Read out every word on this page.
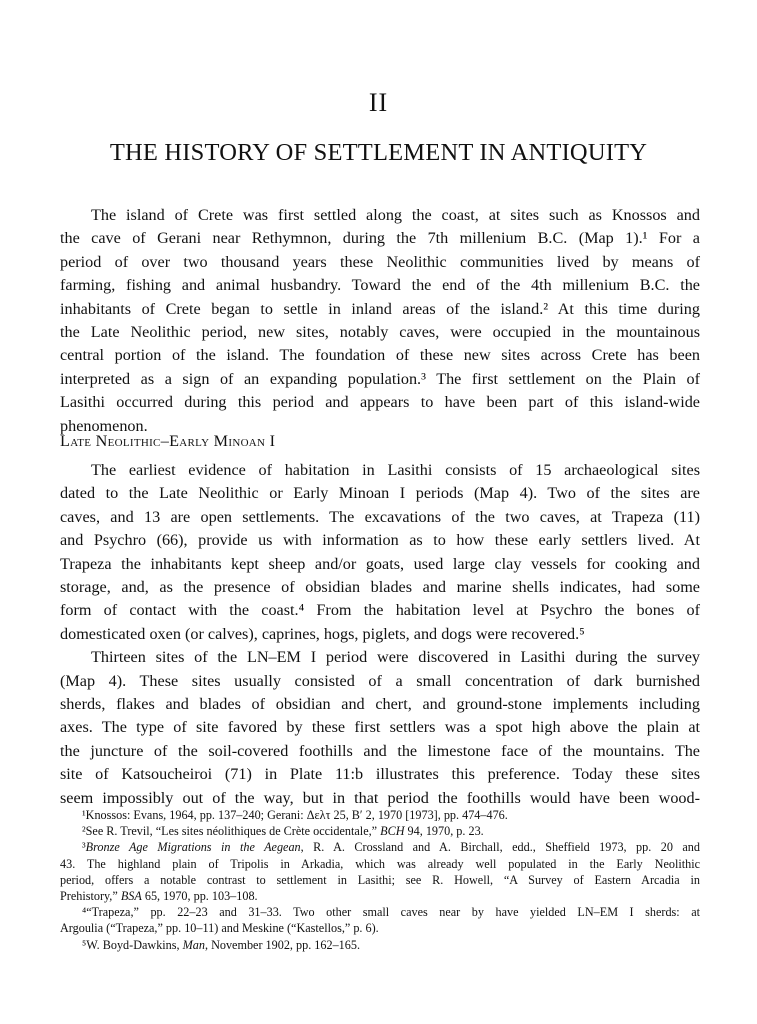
II
THE HISTORY OF SETTLEMENT IN ANTIQUITY
The island of Crete was first settled along the coast, at sites such as Knossos and
the cave of Gerani near Rethymnon, during the 7th millenium B.C. (Map 1).¹ For a
period of over two thousand years these Neolithic communities lived by means of
farming, fishing and animal husbandry. Toward the end of the 4th millenium B.C. the
inhabitants of Crete began to settle in inland areas of the island.² At this time during
the Late Neolithic period, new sites, notably caves, were occupied in the mountainous
central portion of the island. The foundation of these new sites across Crete has been
interpreted as a sign of an expanding population.³ The first settlement on the Plain of
Lasithi occurred during this period and appears to have been part of this island-wide
phenomenon.
Late Neolithic–Early Minoan I
The earliest evidence of habitation in Lasithi consists of 15 archaeological sites
dated to the Late Neolithic or Early Minoan I periods (Map 4). Two of the sites are
caves, and 13 are open settlements. The excavations of the two caves, at Trapeza (11)
and Psychro (66), provide us with information as to how these early settlers lived. At
Trapeza the inhabitants kept sheep and/or goats, used large clay vessels for cooking and
storage, and, as the presence of obsidian blades and marine shells indicates, had some
form of contact with the coast.⁴ From the habitation level at Psychro the bones of
domesticated oxen (or calves), caprines, hogs, piglets, and dogs were recovered.⁵
Thirteen sites of the LN–EM I period were discovered in Lasithi during the survey
(Map 4). These sites usually consisted of a small concentration of dark burnished
sherds, flakes and blades of obsidian and chert, and ground-stone implements including
axes. The type of site favored by these first settlers was a spot high above the plain at
the juncture of the soil-covered foothills and the limestone face of the mountains. The
site of Katsoucheiroi (71) in Plate 11:b illustrates this preference. Today these sites
seem impossibly out of the way, but in that period the foothills would have been wood-
¹Knossos: Evans, 1964, pp. 137–240; Gerani: Δελτ 25, B′ 2, 1970 [1973], pp. 474–476.
²See R. Trevil, “Les sites néolithiques de Crète occidentale,” BCH 94, 1970, p. 23.
³Bronze Age Migrations in the Aegean, R. A. Crossland and A. Birchall, edd., Sheffield 1973, pp. 20 and
43. The highland plain of Tripolis in Arkadia, which was already well populated in the Early Neolithic
period, offers a notable contrast to settlement in Lasithi; see R. Howell, “A Survey of Eastern Arcadia in
Prehistory,” BSA 65, 1970, pp. 103–108.
⁴“Trapeza,” pp. 22–23 and 31–33. Two other small caves near by have yielded LN–EM I sherds: at
Argoulia (“Trapeza,” pp. 10–11) and Meskine (“Kastellos,” p. 6).
⁵W. Boyd-Dawkins, Man, November 1902, pp. 162–165.
